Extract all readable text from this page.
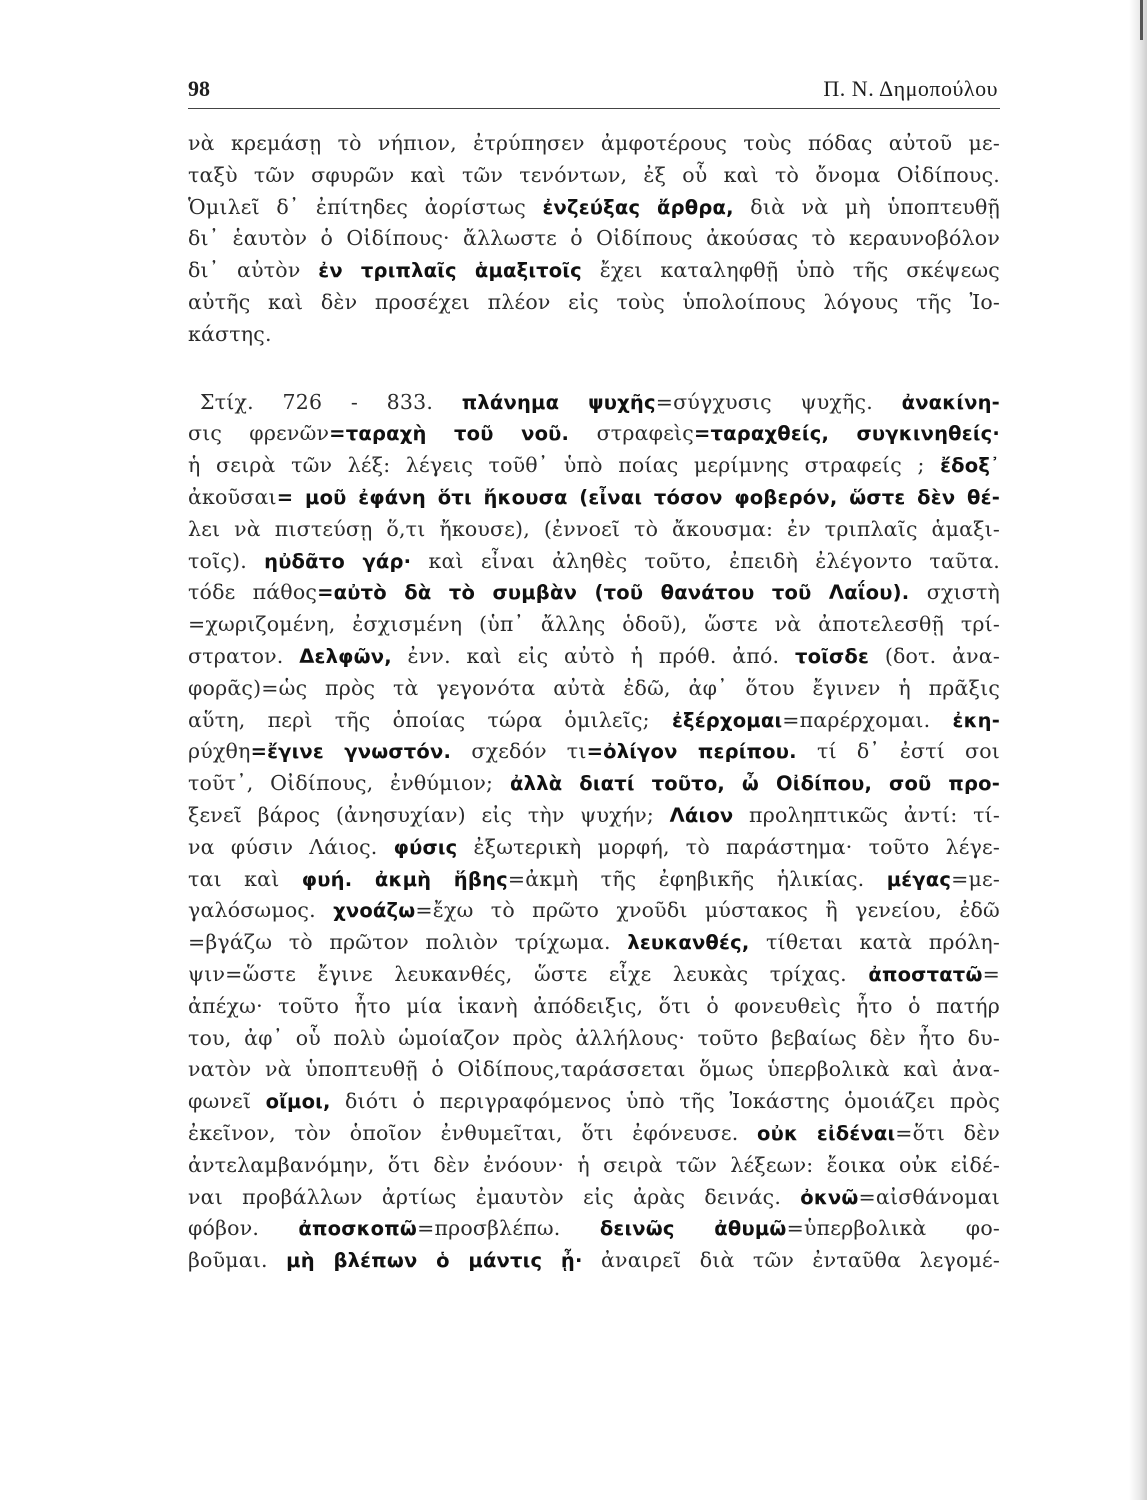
98	Π. Ν. Δημοπούλου
νὰ κρεμάσῃ τὸ νήπιον, ἐτρύπησεν ἀμφοτέρους τοὺς πόδας αὐτοῦ με-
ταξὺ τῶν σφυρῶν καὶ τῶν τενόντων, ἐξ οὗ καὶ τὸ ὄνομα Οἰδίπους.
Ὁμιλεῖ δ᾽ ἐπίτηδες ἀορίστως ἐνζεύξας ἄρθρα, διὰ νὰ μὴ ὑποπτευθῇ
δι᾽ ἑαυτὸν ὁ Οἰδίπους· ἄλλωστε ὁ Οἰδίπους ἀκούσας τὸ κεραυνοβόλον
δι᾽ αὐτὸν ἐν τριπλαῖς ἁμαξιτοῖς ἔχει καταληφθῇ ὑπὸ τῆς σκέψεως
αὐτῆς καὶ δὲν προσέχει πλέον εἰς τοὺς ὑπολοίπους λόγους τῆς Ἰο-
κάστης.
Στίχ. 726 - 833. πλάνημα ψυχῆς=σύγχυσις ψυχῆς. ἀνακίνη-
σις φρενῶν=ταραχὴ τοῦ νοῦ. στραφεὶς=ταραχθείς, συγκινηθείς·
ἡ σειρὰ τῶν λέξ: λέγεις τοῦθ᾽ ὑπὸ ποίας μερίμνης στραφείς ; ἔδοξ᾽
ἀκοῦσαι= μοῦ ἐφάνη ὅτι ἤκουσα (εἶναι τόσον φοβερόν, ὥστε δὲν θέ-
λει νὰ πιστεύσῃ ὅ,τι ἤκουσε), (ἐννοεῖ τὸ ἄκουσμα: ἐν τριπλαῖς ἁμαξι-
τοῖς). ηὐδᾶτο γάρ· καὶ εἶναι ἀληθὲς τοῦτο, ἐπειδὴ ἐλέγοντο ταῦτα.
τόδε πάθος=αὐτὸ δὰ τὸ συμβὰν (τοῦ θανάτου τοῦ Λαΐου). σχιστὴ
=χωριζομένη, ἐσχισμένη (ὑπ᾽ ἄλλης ὁδοῦ), ὥστε νὰ ἀποτελεσθῇ τρί-
στρατον. Δελφῶν, ἐνν. καὶ εἰς αὐτὸ ἡ πρόθ. ἀπό. τοῖσδε (δοτ. ἀνα-
φορᾶς)=ὡς πρὸς τὰ γεγονότα αὐτὰ ἐδῶ, ἀφ᾽ ὅτου ἔγινεν ἡ πρᾶξις
αὕτη, περὶ τῆς ὁποίας τώρα ὁμιλεῖς; ἐξέρχομαι=παρέρχομαι. ἐκη-
ρύχθη=ἔγινε γνωστόν. σχεδόν τι=ὀλίγον περίπου. τί δ᾽ ἐστί σοι
τοῦτ᾽, Οἰδίπους, ἐνθύμιον; ἀλλὰ διατί τοῦτο, ὦ Οἰδίπου, σοῦ προ-
ξενεῖ βάρος (ἀνησυχίαν) εἰς τὴν ψυχήν; Λάιον προληπτικῶς ἀντί: τί-
να φύσιν Λάιος. φύσις ἐξωτερικὴ μορφή, τὸ παράστημα· τοῦτο λέγε-
ται καὶ φυή. ἀκμὴ ἥβης=ἀκμὴ τῆς ἐφηβικῆς ἡλικίας. μέγας=με-
γαλόσωμος. χνοάζω=ἔχω τὸ πρῶτο χνοῦδι μύστακος ἢ γενείου, ἐδῶ
=βγάζω τὸ πρῶτον πολιὸν τρίχωμα. λευκανθές, τίθεται κατὰ πρόλη-
ψιν=ὥστε ἔγινε λευκανθές, ὥστε εἶχε λευκὰς τρίχας. ἀποστατῶ=
ἀπέχω· τοῦτο ἦτο μία ἱκανὴ ἀπόδειξις, ὅτι ὁ φονευθεὶς ἦτο ὁ πατήρ
του, ἀφ᾽ οὗ πολὺ ὡμοίαζον πρὸς ἀλλήλους· τοῦτο βεβαίως δὲν ἦτο δυ-
νατὸν νὰ ὑποπτευθῇ ὁ Οἰδίπους,ταράσσεται ὅμως ὑπερβολικὰ καὶ ἀνα-
φωνεῖ οἴμοι, διότι ὁ περιγραφόμενος ὑπὸ τῆς Ἰοκάστης ὁμοιάζει πρὸς
ἐκεῖνον, τὸν ὁποῖον ἐνθυμεῖται, ὅτι ἐφόνευσε. οὐκ εἰδέναι=ὅτι δὲν
ἀντελαμβανόμην, ὅτι δὲν ἐνόουν· ἡ σειρὰ τῶν λέξεων: ἔοικα οὐκ εἰδέ-
ναι προβάλλων ἀρτίως ἐμαυτὸν εἰς ἀρὰς δεινάς. ὀκνῶ=αἰσθάνομαι
φόβον. ἀποσκοπῶ=προσβλέπω. δεινῶς ἀθυμῶ=ὑπερβολικὰ φο-
βοῦμαι. μὴ βλέπων ὁ μάντις ᾖ· ἀναιρεῖ διὰ τῶν ἐνταῦθα λεγομέ-
